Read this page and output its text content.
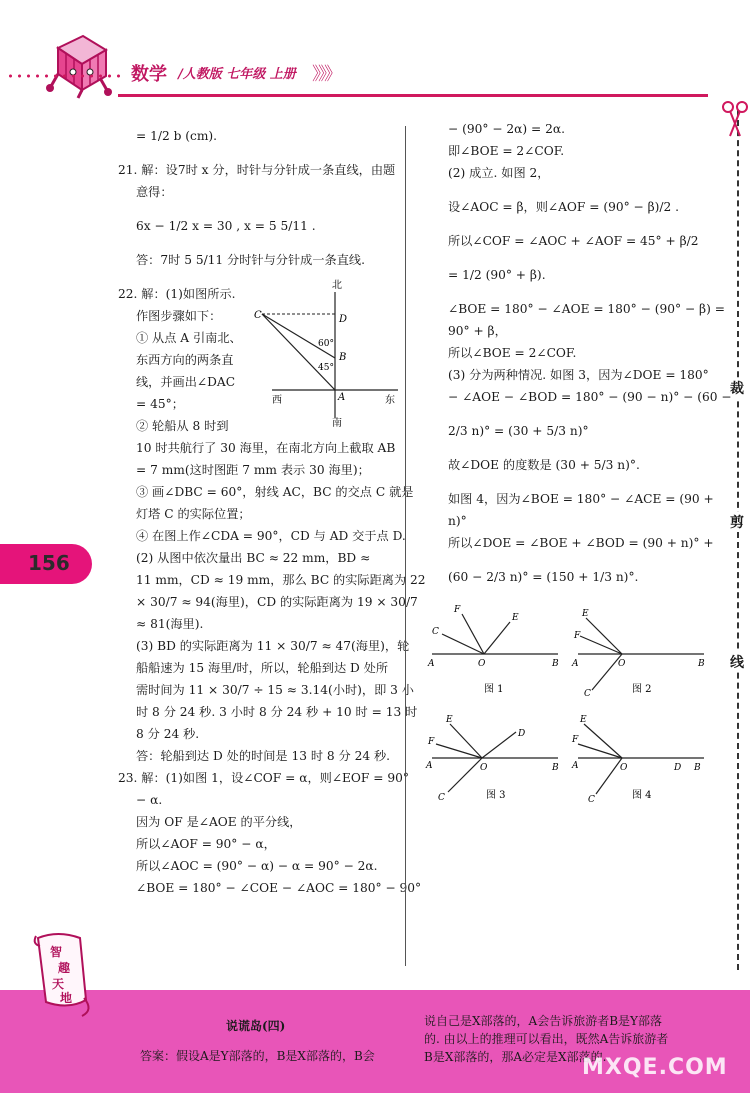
数学 /人教版 七年级 上册 》》》
裁
剪
线
156

= 1/2 b (cm).

21. 解：设7时 x 分，时针与分针成一条直线，由题

意得：

6x − 1/2 x = 30 , x = 5 5/11 .

答：7时 5 5/11 分时针与分针成一条直线.

22. 解：(1)如图所示.

作图步骤如下：

① 从点 A 引南北、

东西方向的两条直

线，并画出∠DAC

= 45°；

② 轮船从 8 时到

10 时共航行了 30 海里，在南北方向上截取 AB

= 7 mm(这时图距 7 mm 表示 30 海里)；

③ 画∠DBC = 60°，射线 AC，BC 的交点 C 就是

灯塔 C 的实际位置；

④ 在图上作∠CDA = 90°，CD 与 AD 交于点 D.

(2) 从图中依次量出 BC ≈ 22 mm，BD ≈

11 mm，CD ≈ 19 mm，那么 BC 的实际距离为 22

× 30/7 ≈ 94(海里)，CD 的实际距离为 19 × 30/7

≈ 81(海里).

(3) BD 的实际距离为 11 × 30/7 ≈ 47(海里)，轮

船船速为 15 海里/时，所以，轮船到达 D 处所

需时间为 11 × 30/7 ÷ 15 ≈ 3.14(小时)，即 3 小

时 8 分 24 秒. 3 小时 8 分 24 秒 + 10 时 = 13 时

8 分 24 秒.

答：轮船到达 D 处的时间是 13 时 8 分 24 秒.

23. 解：(1)如图 1，设∠COF = α，则∠EOF = 90°

− α.

因为 OF 是∠AOE 的平分线，

所以∠AOF = 90° − α，

所以∠AOC = (90° − α) − α = 90° − 2α.

∠BOE = 180° − ∠COE − ∠AOC = 180° − 90°

北
南
西	东
C	D
B
A
60°
45°

− (90° − 2α) = 2α.

即∠BOE = 2∠COF.

(2) 成立. 如图 2，

设∠AOC = β，则∠AOF = (90° − β)/2 .

所以∠COF = ∠AOC + ∠AOF = 45° + β/2

= 1/2 (90° + β).

∠BOE = 180° − ∠AOE = 180° − (90° − β) =

90° + β，

所以∠BOE = 2∠COF.

(3) 分为两种情况. 如图 3，因为∠DOE = 180°

− ∠AOE − ∠BOD = 180° − (90 − n)° − (60 −

2/3 n)° = (30 + 5/3 n)°

故∠DOE 的度数是 (30 + 5/3 n)°.

如图 4，因为∠BOE = 180° − ∠ACE = (90 +

n)°

所以∠DOE = ∠BOE + ∠BOD = (90 + n)° +

(60 − 2/3 n)° = (150 + 1/3 n)°.

F
E
C
A	O	B
图 1
E
F
C
A	O	B
图 2
E
F
D
A	O	B
C	图 3
E
F
A	O	D B
C	图 4
智
趣
天
地
说谎岛(四)
答案：假设A是Y部落的，B是X部落的，B会
说自己是X部落的，A会告诉旅游者B是Y部落
的. 由以上的推理可以看出，既然A告诉旅游者
B是X部落的，那A必定是X部落的.
MXQE.COM
